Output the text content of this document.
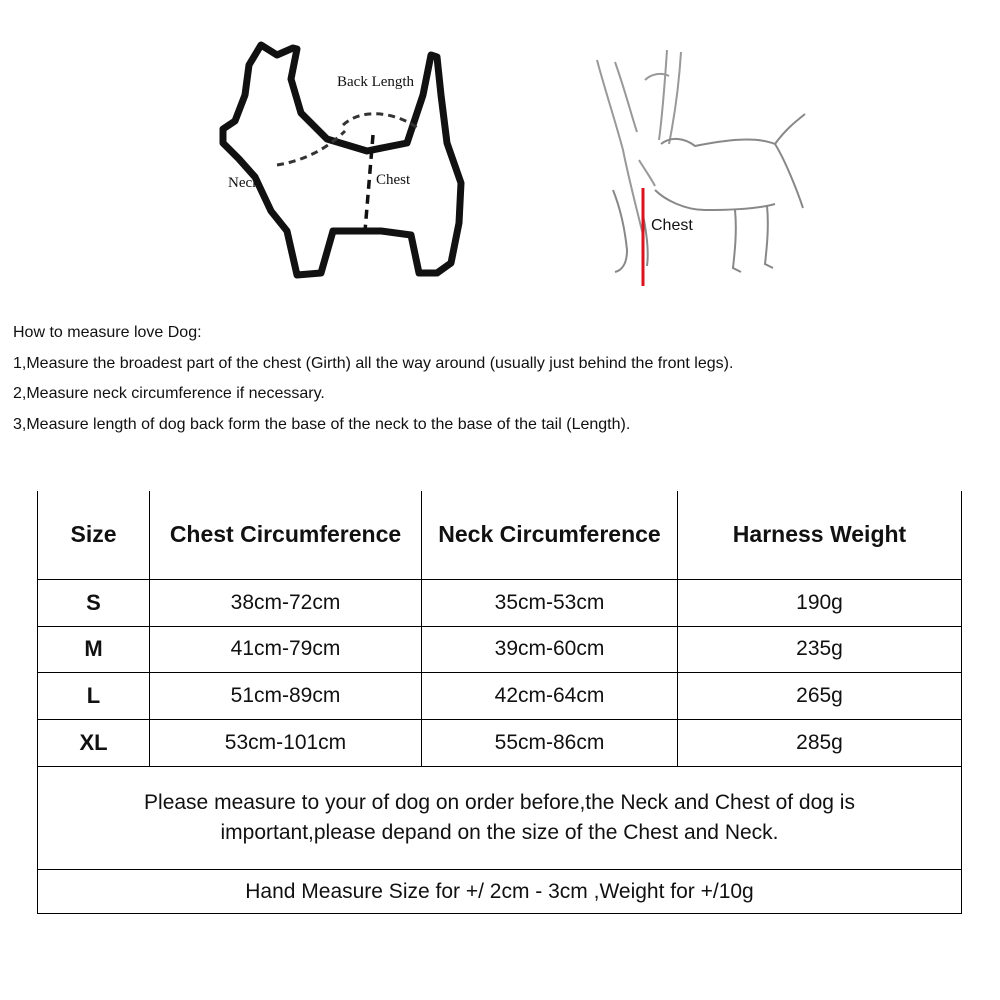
Back Length
Neck	Chest
Chest

How to measure love Dog:

1,Measure the broadest part of the chest (Girth) all the way around (usually just behind the front legs).

2,Measure neck circumference if necessary.

3,Measure length of dog back form the base of the neck to the base of the tail (Length).

Size	Chest Circumference	Neck Circumference	Harness Weight
S	38cm-72cm	35cm-53cm	190g
M	41cm-79cm	39cm-60cm	235g
L	51cm-89cm	42cm-64cm	265g
XL	53cm-101cm	55cm-86cm	285g

Please measure to your of dog on order before,the Neck and Chest of dog is
important,please depand on the size of the Chest and Neck.			

Hand Measure Size for +/ 2cm - 3cm ,Weight for +/10g			
